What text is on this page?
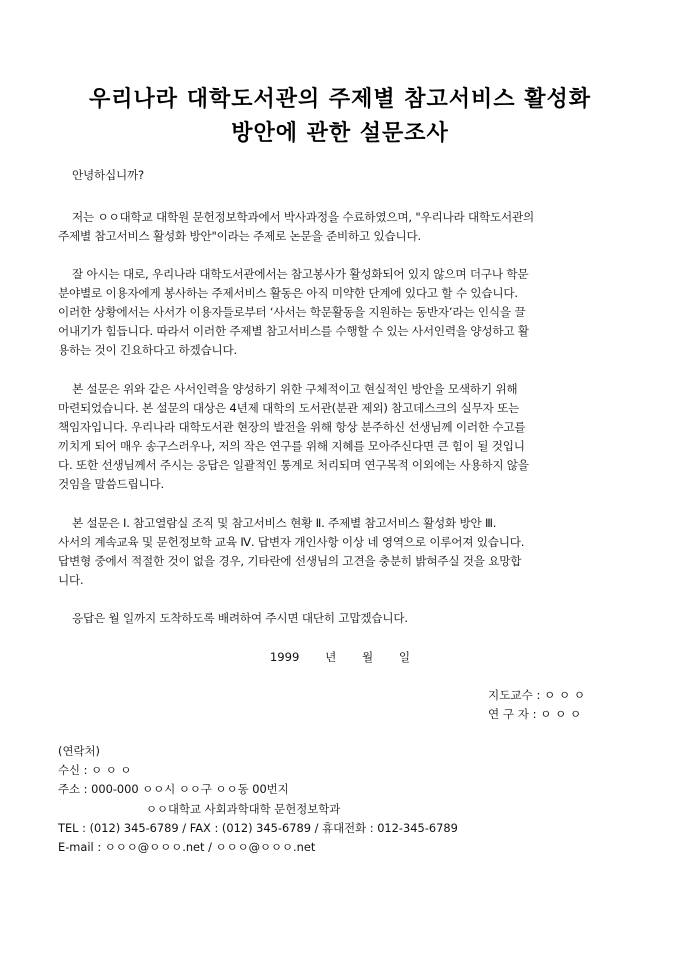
우리나라 대학도서관의 주제별 참고서비스 활성화
방안에 관한 설문조사
안녕하십니까?
저는 ㅇㅇ대학교 대학원 문헌정보학과에서 박사과정을 수료하였으며, "우리나라 대학도서관의
주제별 참고서비스 활성화 방안"이라는 주제로 논문을 준비하고 있습니다.
잘 아시는 대로, 우리나라 대학도서관에서는 참고봉사가 활성화되어 있지 않으며 더구나 학문
분야별로 이용자에게 봉사하는 주제서비스 활동은 아직 미약한 단계에 있다고 할 수 있습니다.
이러한 상황에서는 사서가 이용자들로부터 ‘사서는 학문활동을 지원하는 동반자’라는 인식을 끌
어내기가 힘듭니다. 따라서 이러한 주제별 참고서비스를 수행할 수 있는 사서인력을 양성하고 활
용하는 것이 긴요하다고 하겠습니다.
본 설문은 위와 같은 사서인력을 양성하기 위한 구체적이고 현실적인 방안을 모색하기 위해
마련되었습니다. 본 설문의 대상은 4년제 대학의 도서관(분관 제외) 참고데스크의 실무자 또는
책임자입니다. 우리나라 대학도서관 현장의 발전을 위해 항상 분주하신 선생님께 이러한 수고를
끼치게 되어 매우 송구스러우나, 저의 작은 연구를 위해 지혜를 모아주신다면 큰 힘이 될 것입니
다. 또한 선생님께서 주시는 응답은 일괄적인 통계로 처리되며 연구목적 이외에는 사용하지 않을
것임을 말씀드립니다.
본 설문은 Ⅰ. 참고열람실 조직 및 참고서비스 현황 Ⅱ. 주제별 참고서비스 활성화 방안 Ⅲ.
사서의 계속교육 및 문헌정보학 교육 Ⅳ. 답변자 개인사항 이상 네 영역으로 이루어져 있습니다.
답변형 중에서 적절한 것이 없을 경우, 기타란에 선생님의 고견을 충분히 밝혀주실 것을 요망합
니다.
응답은 월 일까지 도착하도록 배려하여 주시면 대단히 고맙겠습니다.
1999 년 월 일
지도교수 : ㅇ ㅇ ㅇ
연 구 자 : ㅇ ㅇ ㅇ
(연락처)
수신 : ㅇ ㅇ ㅇ
주소 : 000-000 ㅇㅇ시 ㅇㅇ구 ㅇㅇ동 00번지
ㅇㅇ대학교 사회과학대학 문헌정보학과
TEL : (012) 345-6789 / FAX : (012) 345-6789 / 휴대전화 : 012-345-6789
E-mail : ㅇㅇㅇ@ㅇㅇㅇ.net / ㅇㅇㅇ@ㅇㅇㅇ.net
